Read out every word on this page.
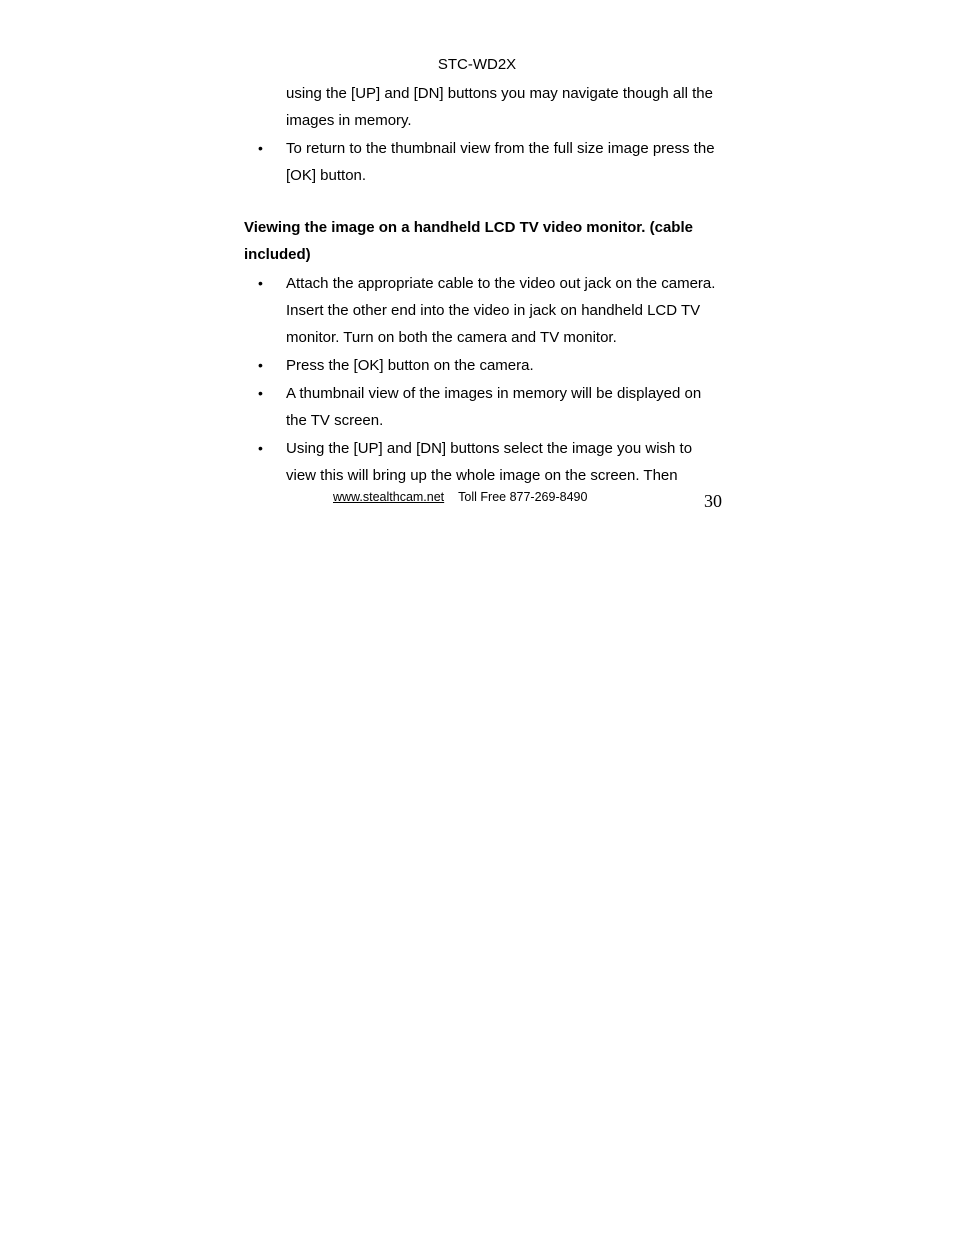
STC-WD2X

using the [UP] and [DN] buttons you may navigate though all the images in memory.

• To return to the thumbnail view from the full size image press the [OK] button.
Viewing the image on a handheld LCD TV video monitor. (cable included)
• Attach the appropriate cable to the video out jack on the camera. Insert the other end into the video in jack on handheld LCD TV monitor. Turn on both the camera and TV monitor.
• Press the [OK] button on the camera.
• A thumbnail view of the images in memory will be displayed on the TV screen.
• Using the [UP] and [DN] buttons select the image you wish to view this will bring up the whole image on the screen. Then
www.stealthcam.net Toll Free 877-269-8490	30
